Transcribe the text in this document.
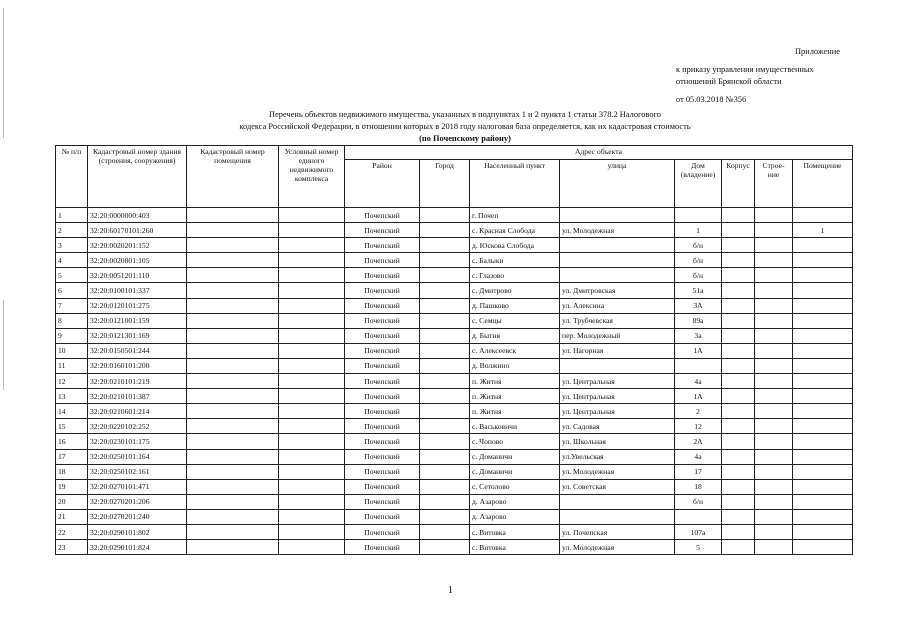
Приложение
к приказу управления имущественных
отношений Брянской области
от 05.03.2018 №356
Перечень объектов недвижимого имущества, указанных в подпунктах 1 и 2 пункта 1 статьи 378.2 Налогового
кодекса Российской Федерации, в отношении которых в 2018 году налоговая база определяется, как их кадастровая стоимость
(по Почепскому району)
№ п/п	Кадастровый номер здания (строения, сооружения)	Кадастровый номер помещения	Условный номер единого недвижимого комплекса	Адрес объекта							
				Район	Город	Населенный пункт	улица	Дом (владение)	Корпус	Строе- ние	Помещение
1	32:20:0000000:403			Почепский		г. Почеп					
2	32:20:60170101:260			Почепский		с. Красная Слобода	ул. Молодежная	1			1
3	32:20:0020201:152			Почепский		д. Юскова Слобода		б/н			
4	32:20:0020801:105			Почепский		с. Балыки		б/н			
5	32:20:0051201:110			Почепский		с. Глазово		б/н			
6	32:20:0100101:337			Почепский		с. Дмитрово	ул. Дмитровская	51а			
7	32:20:0120101:275			Почепский		д. Пашково	ул. Алексина	3А			
8	32:20:0121001:159			Почепский		с. Семцы	ул. Трубчевская	89а			
9	32:20:0121301:169			Почепский		д. Бытня	пер. Молодежный	3а			
10	32:20:0150501:244			Почепский		с. Алексеевск	ул. Нагорная	1А			
11	32:20:0160101:200			Почепский		д. Волжино					
12	32:20:0210101:219			Почепский		п. Житня	ул. Центральная	4а			
13	32:20:0210101:387			Почепский		п. Житня	ул. Центральная	1А			
14	32:20:0210601:214			Почепский		п. Житня	ул. Центральная	2			
15	32:20:0220102:252			Почепский		с. Васьковичи	ул. Садовая	12			
16	32:20:0230101:175			Почепский		с. Чопово	ул. Школьная	2А			
17	32:20:0250101:164			Почепский		с. Доманичи	ул.Увельская	4а			
18	32:20:0250102:161			Почепский		с. Доманичи	ул. Молодежная	17			
19	32:20:0270101:471			Почепский		с. Сетолово	ул. Советская	18			
20	32:20:0270201:206			Почепский		д. Азарово		б/н			
21	32:20:0270201:240			Почепский		д. Азарово					
22	32:20:0290101:802			Почепский		с. Витовка	ул. Почепская	107а			
23	32:20:0290101:824			Почепский		с. Витовка	ул. Молодежная	5			
1
